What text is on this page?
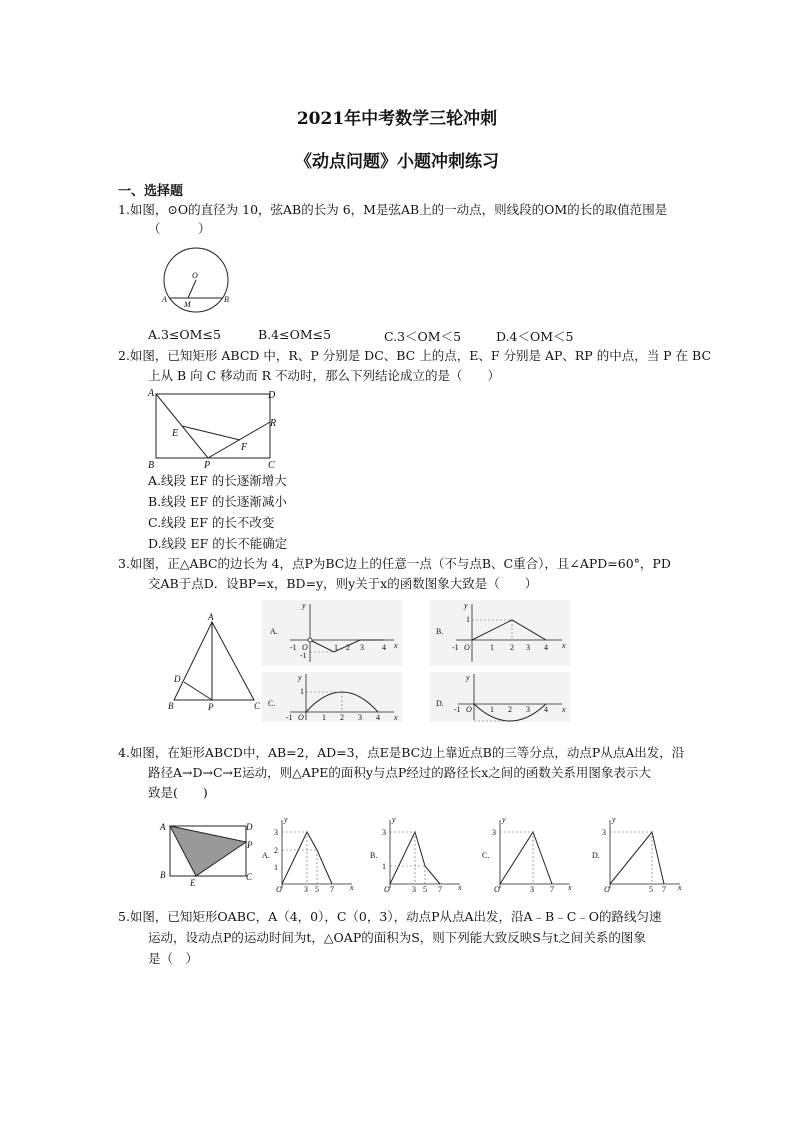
2021年中考数学三轮冲刺
《动点问题》小题冲刺练习
一、选择题
1.如图，⊙O的直径为 10，弦AB的长为 6，M是弦AB上的一动点，则线段的OM的长的取值范围是
（　　　）
O
A
M
B
A.3≤OM≤5	B.4≤OM≤5	C.3＜OM＜5	D.4＜OM＜5
2.如图，已知矩形 ABCD 中，R、P 分别是 DC、BC 上的点，E、F 分别是 AP、RP 的中点，当 P 在 BC
上从 B 向 C 移动而 R 不动时，那么下列结论成立的是（　　）
A	D
E
R
F
B	P	C
A.线段 EF 的长逐渐增大
B.线段 EF 的长逐渐减小
C.线段 EF 的长不改变
D.线段 EF 的长不能确定
3.如图，正△ABC的边长为 4，点P为BC边上的任意一点（不与点B、C重合），且∠APD=60°，PD
交AB于点D．设BP=x，BD=y，则y关于x的函数图象大致是（　　）
A
D
B	P	C
A.
y
x
O
-1
-1
1 2 3 4
B.
y
x
1
O
-1	1 2 3 4
C.
y
x
1
-1 O 1 2 3 4
D.
y
x
-1 O 1 2 3 4
4.如图，在矩形ABCD中，AB=2，AD=3，点E是BC边上靠近点B的三等分点，动点P从点A出发，沿
路径A→D→C→E运动，则△APE的面积y与点P经过的路径长x之间的函数关系用图象表示大
致是(　　)
A	D
P
B
E
C
A.
y
x
3
2
1
O	3 5 7
B.
y
x
3
1
O	3 5 7
C.
y
x
3
O	3 7
D.
y
x
3
O	5 7
5.如图，已知矩形OABC，A（4，0），C（0，3），动点P从点A出发，沿A﹣B﹣C﹣O的路线匀速
运动，设动点P的运动时间为t，△OAP的面积为S，则下列能大致反映S与t之间关系的图象
是（　）
